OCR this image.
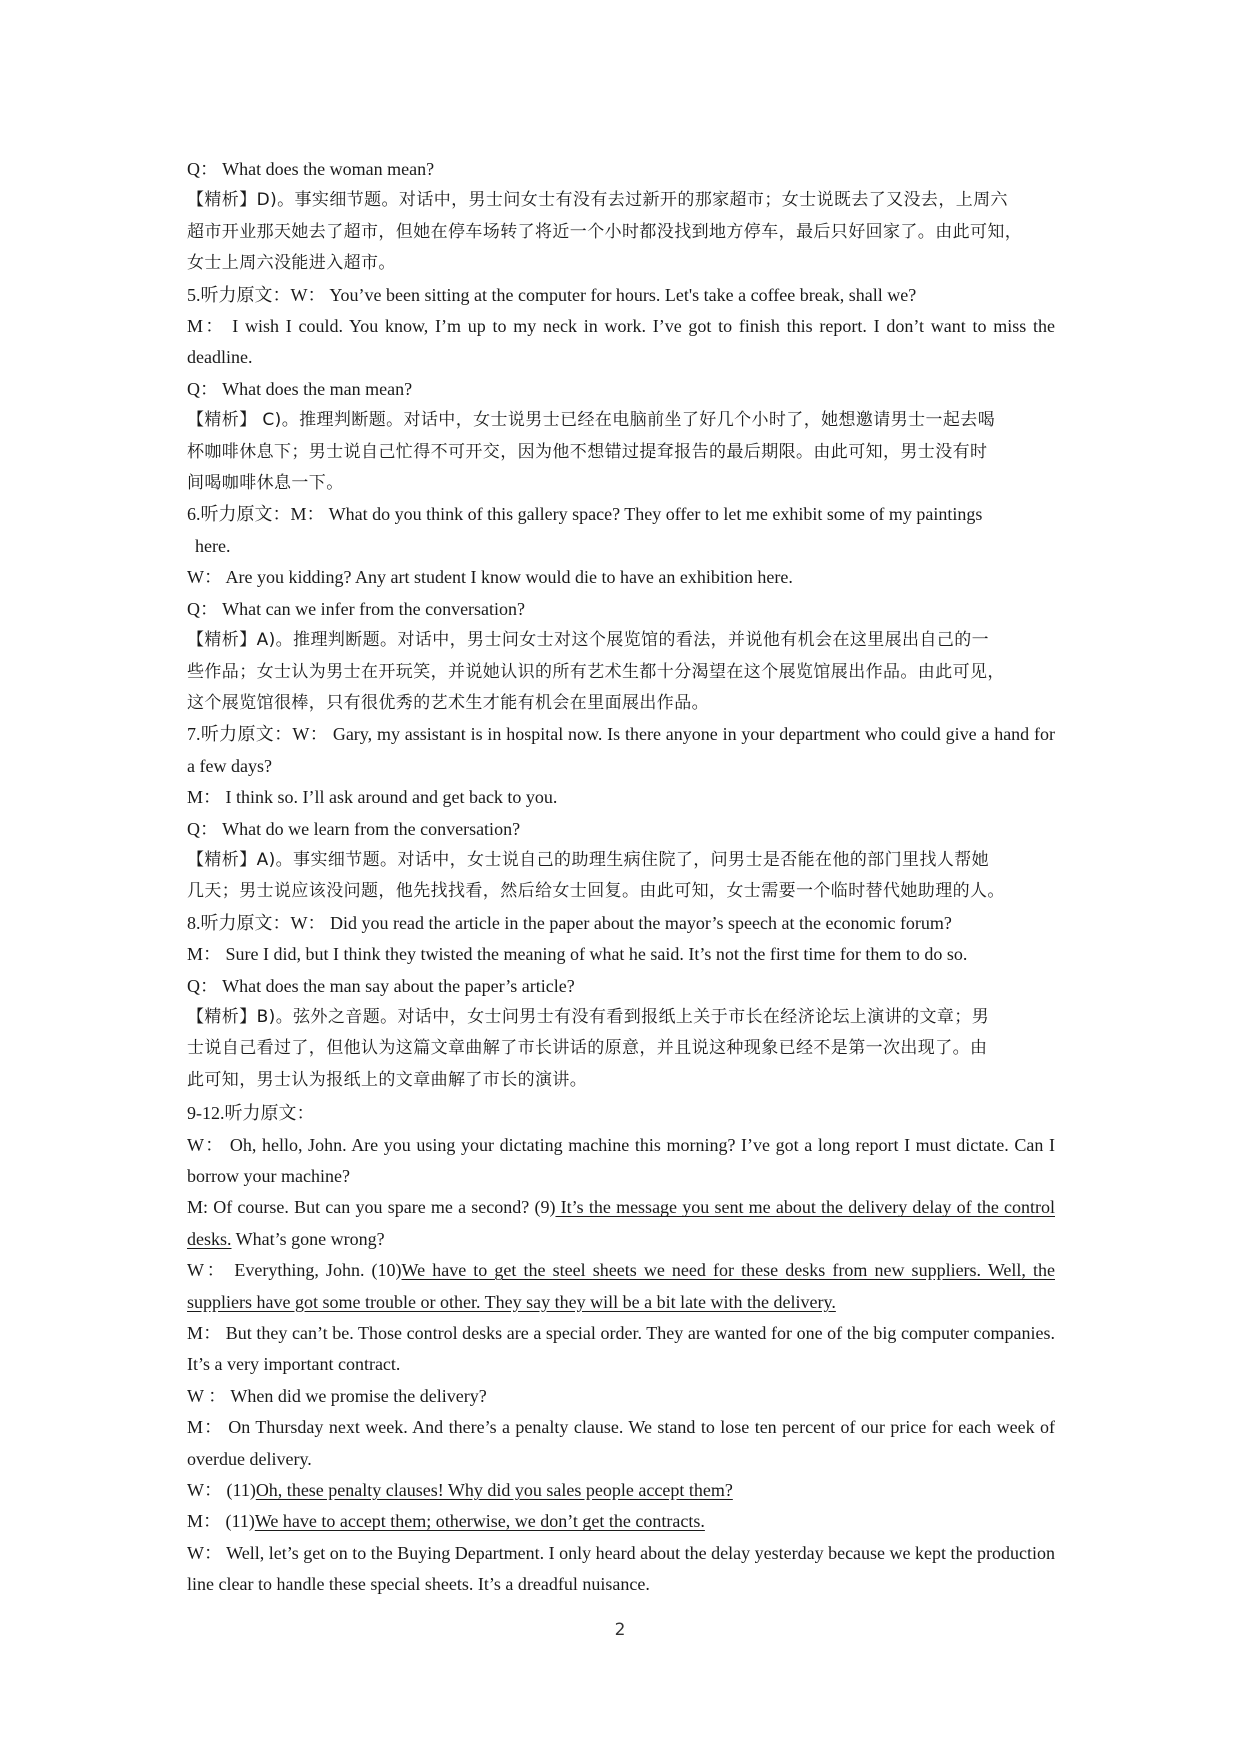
Q： What does the woman mean?

【精析】D)。事实细节题。对话中，男士问女士有没有去过新开的那家超市；女士说既去了又没去，上周六
超市开业那天她去了超市，但她在停车场转了将近一个小时都没找到地方停车，最后只好回家了。由此可知，
女士上周六没能进入超市。

5.听力原文：W： You’ve been sitting at the computer for hours. Let's take a coffee break, shall we?

M： I wish I could. You know, I’m up to my neck in work. I’ve got to finish this report. I don’t want to miss the deadline.

Q： What does the man mean?

【精析】 C)。推理判断题。对话中，女士说男士已经在电脑前坐了好几个小时了，她想邀请男士一起去喝
杯咖啡休息下；男士说自己忙得不可开交，因为他不想错过提耷报告的最后期限。由此可知，男士没有时
间喝咖啡休息一下。
6.听力原文：M： What do you think of this gallery space? They offer to let me exhibit some of my paintings
here.

W： Are you kidding? Any art student I know would die to have an exhibition here.

Q： What can we infer from the conversation?

【精析】A)。推理判断题。对话中，男士问女士对这个展览馆的看法，并说他有机会在这里展出自己的一
些作品；女士认为男士在开玩笑，并说她认识的所有艺术生都十分渴望在这个展览馆展出作品。由此可见，
这个展览馆很棒，只有很优秀的艺术生才能有机会在里面展出作品。

7.听力原文：W： Gary, my assistant is in hospital now. Is there anyone in your department who could give a hand for a few days?

M： I think so. I’ll ask around and get back to you.

Q： What do we learn from the conversation?

【精析】A)。事实细节题。对话中，女士说自己的助理生病住院了，问男士是否能在他的部门里找人帮她
几天；男士说应该没问题，他先找找看，然后给女士回复。由此可知，女士需要一个临时替代她助理的人。

8.听力原文：W： Did you read the article in the paper about the mayor’s speech at the economic forum?

M： Sure I did, but I think they twisted the meaning of what he said. It’s not the first time for them to do so.

Q： What does the man say about the paper’s article?

【精析】B)。弦外之音题。对话中，女士问男士有没有看到报纸上关于市长在经济论坛上演讲的文章；男
士说自己看过了，但他认为这篇文章曲解了市长讲话的原意，并且说这种现象已经不是第一次出现了。由
此可知，男士认为报纸上的文章曲解了市长的演讲。

9-12.听力原文：

W： Oh, hello, John. Are you using your dictating machine this morning? I’ve got a long report I must dictate. Can I borrow your machine?

M: Of course. But can you spare me a second? (9) It’s the message you sent me about the delivery delay of the control desks. What’s gone wrong?

W： Everything, John. (10)We have to get the steel sheets we need for these desks from new suppliers. Well, the suppliers have got some trouble or other. They say they will be a bit late with the delivery.

M： But they can’t be. Those control desks are a special order. They are wanted for one of the big computer companies. It’s a very important contract.

W ： When did we promise the delivery?

M： On Thursday next week. And there’s a penalty clause. We stand to lose ten percent of our price for each week of overdue delivery.

W： (11)Oh, these penalty clauses! Why did you sales people accept them?

M： (11)We have to accept them; otherwise, we don’t get the contracts.

W： Well, let’s get on to the Buying Department. I only heard about the delay yesterday because we kept the production line clear to handle these special sheets. It’s a dreadful nuisance.

2
